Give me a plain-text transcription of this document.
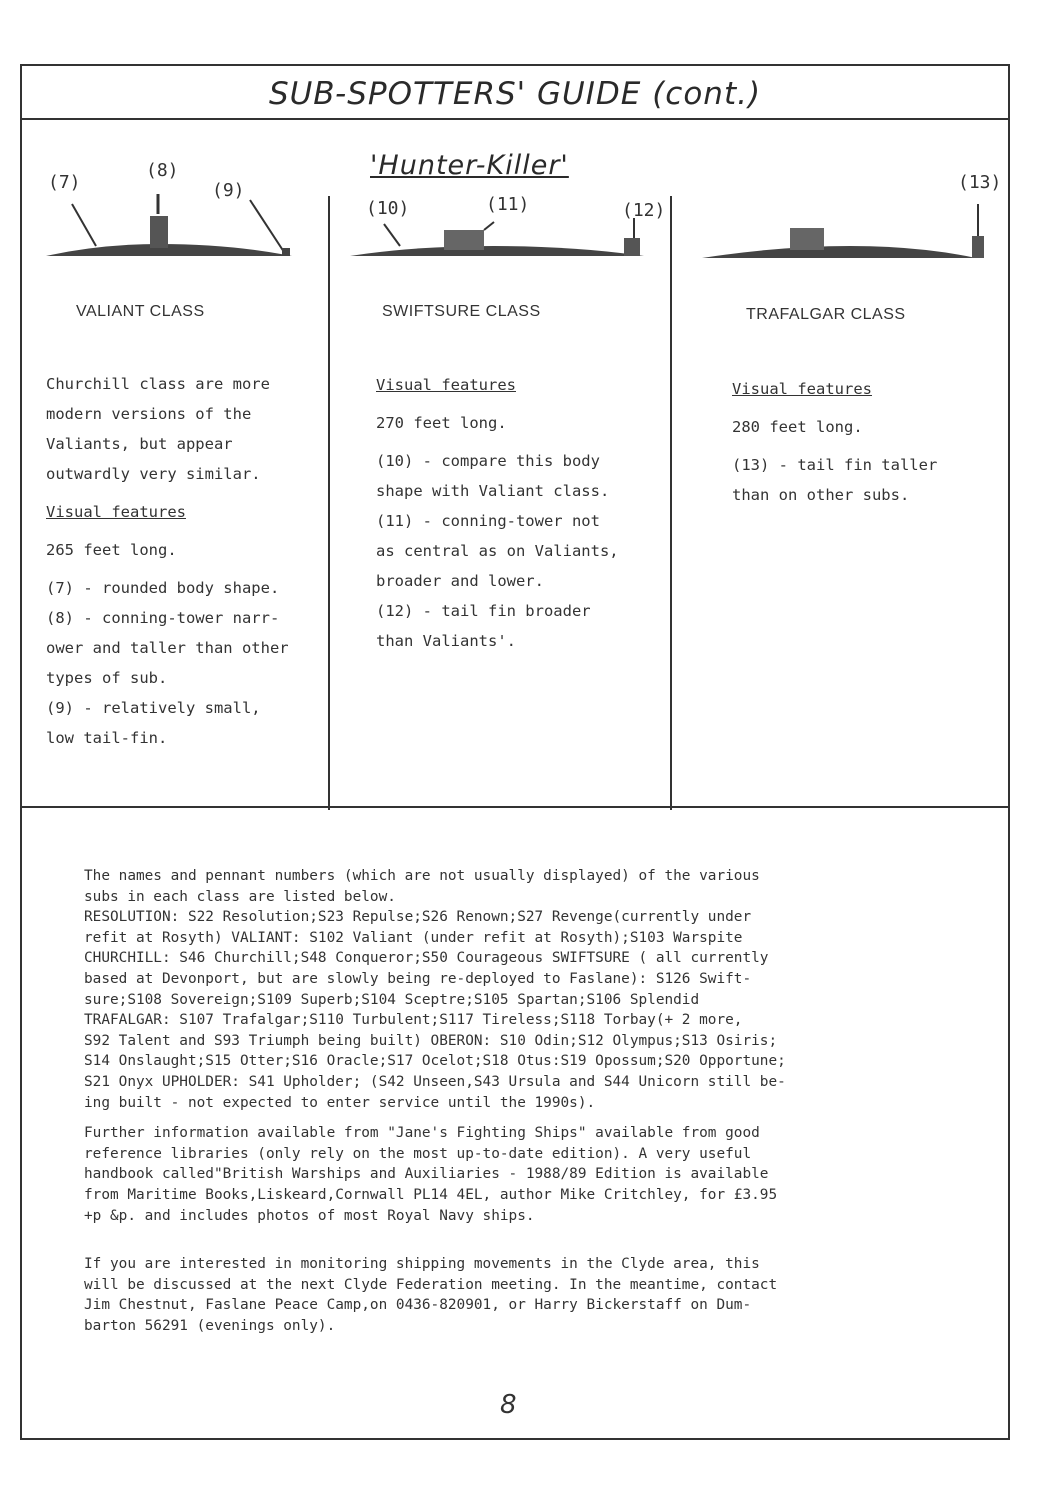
SUB-SPOTTERS' GUIDE (cont.)
'Hunter-Killer'
(7)
(8)
(9)
VALIANT CLASS

Churchill class are more

modern versions of the

Valiants, but appear

outwardly very similar.

Visual features

265 feet long.

(7) - rounded body shape.

(8) - conning-tower narr-

ower and taller than other

types of sub.

(9) - relatively small,

low tail-fin.

(10)	(11)	(12)
SWIFTSURE CLASS

Visual features

270 feet long.

(10) - compare this body

shape with Valiant class.

(11) - conning-tower not

as central as on Valiants,

broader and lower.

(12) - tail fin broader

than Valiants'.

(13)
TRAFALGAR CLASS

Visual features

280 feet long.

(13) - tail fin taller

than on other subs.

The names and pennant numbers (which are not usually displayed) of the various
subs in each class are listed below.
RESOLUTION: S22 Resolution;S23 Repulse;S26 Renown;S27 Revenge(currently under
refit at Rosyth) VALIANT: S102 Valiant (under refit at Rosyth);S103 Warspite
CHURCHILL: S46 Churchill;S48 Conqueror;S50 Courageous SWIFTSURE ( all currently
based at Devonport, but are slowly being re-deployed to Faslane): S126 Swift-
sure;S108 Sovereign;S109 Superb;S104 Sceptre;S105 Spartan;S106 Splendid
TRAFALGAR: S107 Trafalgar;S110 Turbulent;S117 Tireless;S118 Torbay(+ 2 more,
S92 Talent and S93 Triumph being built) OBERON: S10 Odin;S12 Olympus;S13 Osiris;
S14 Onslaught;S15 Otter;S16 Oracle;S17 Ocelot;S18 Otus:S19 Opossum;S20 Opportune;
S21 Onyx UPHOLDER: S41 Upholder; (S42 Unseen,S43 Ursula and S44 Unicorn still be-
ing built - not expected to enter service until the 1990s).

Further information available from "Jane's Fighting Ships" available from good
reference libraries (only rely on the most up-to-date edition). A very useful
handbook called"British Warships and Auxiliaries - 1988/89 Edition is available
from Maritime Books,Liskeard,Cornwall PL14 4EL, author Mike Critchley, for £3.95
+p &p. and includes photos of most Royal Navy ships.

If you are interested in monitoring shipping movements in the Clyde area, this
will be discussed at the next Clyde Federation meeting. In the meantime, contact
Jim Chestnut, Faslane Peace Camp,on 0436-820901, or Harry Bickerstaff on Dum-
barton 56291 (evenings only).

8
